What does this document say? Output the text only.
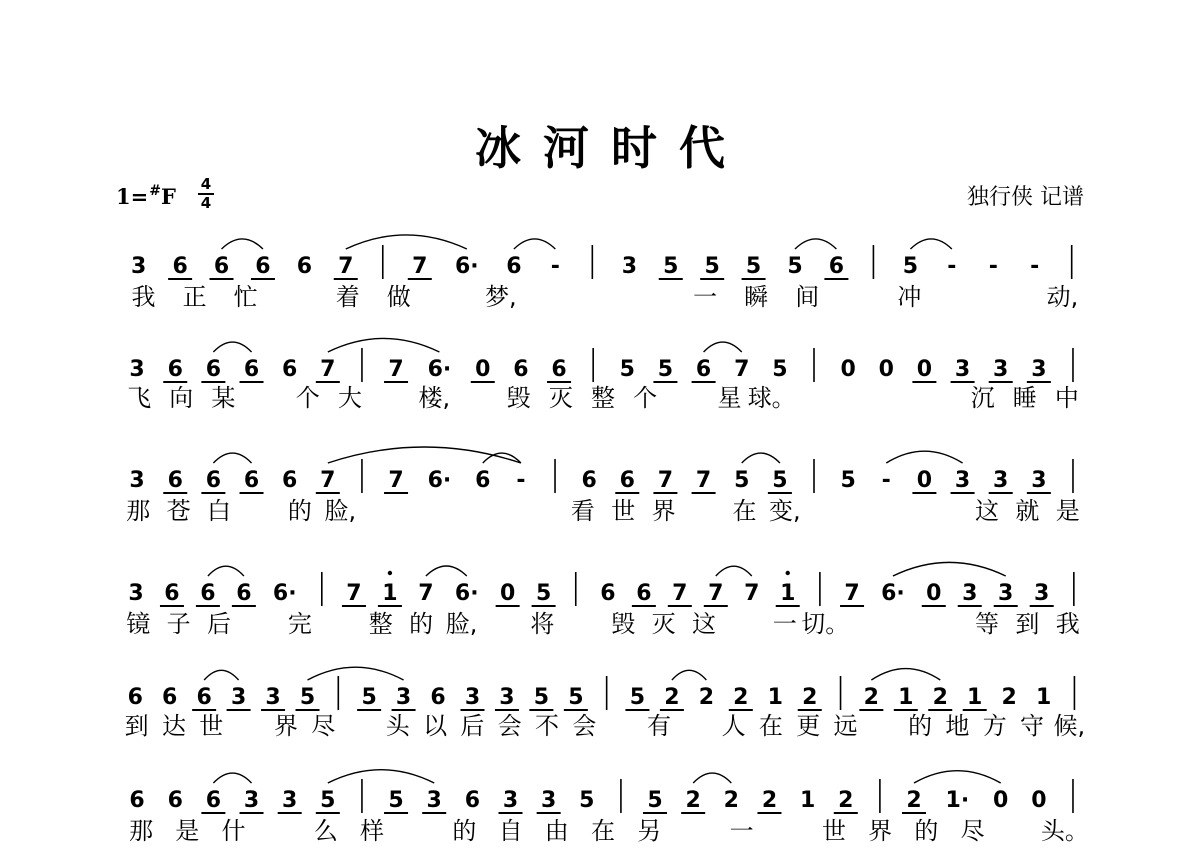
冰河时代
1=#F	4
4	独行侠 记谱
3 6 6 6 6 7	7 6· 6 -	3 5 5 5 5 6	5 - - -
我 正 忙	着 做	梦,	一 瞬 间	冲	动,
3 6 6 6 6 7 7 6· 0 6 6 5 5 6 7 5 0 0 0 3 3 3
飞 向 某	个 大 楼, 毁 灭 整 个	星 球。	沉 睡 中
3 6 6 6 6 7 7 6· 6 -	6 6 7 7 5 5 5 - 0 3 3 3
那 苍 白 的 脸,	看 世 界 在 变,	这 就 是
3 6 6 6 6· 7 1 7 6· 0 5 6 6 7 7 7 1 7 6· 0 3 3 3
镜 子 后 完 整 的 脸, 将 毁 灭 这 一 切。	等 到 我
6 6 6 3 3 5 5 3 6 3 3 5 5 5 2 2 2 1 2 2 1 2 1 2 1
到 达 世 界 尽 头 以 后 会 不 会 有 人 在 更 远 的 地 方 守 候,
6 6 6 3 3 5 5 3 6 3 3 5 5 2 2 2 1 2 2 1· 0 0
那 是 什	么 样	的 自 由 在 另	一	世 界 的 尽 头。
